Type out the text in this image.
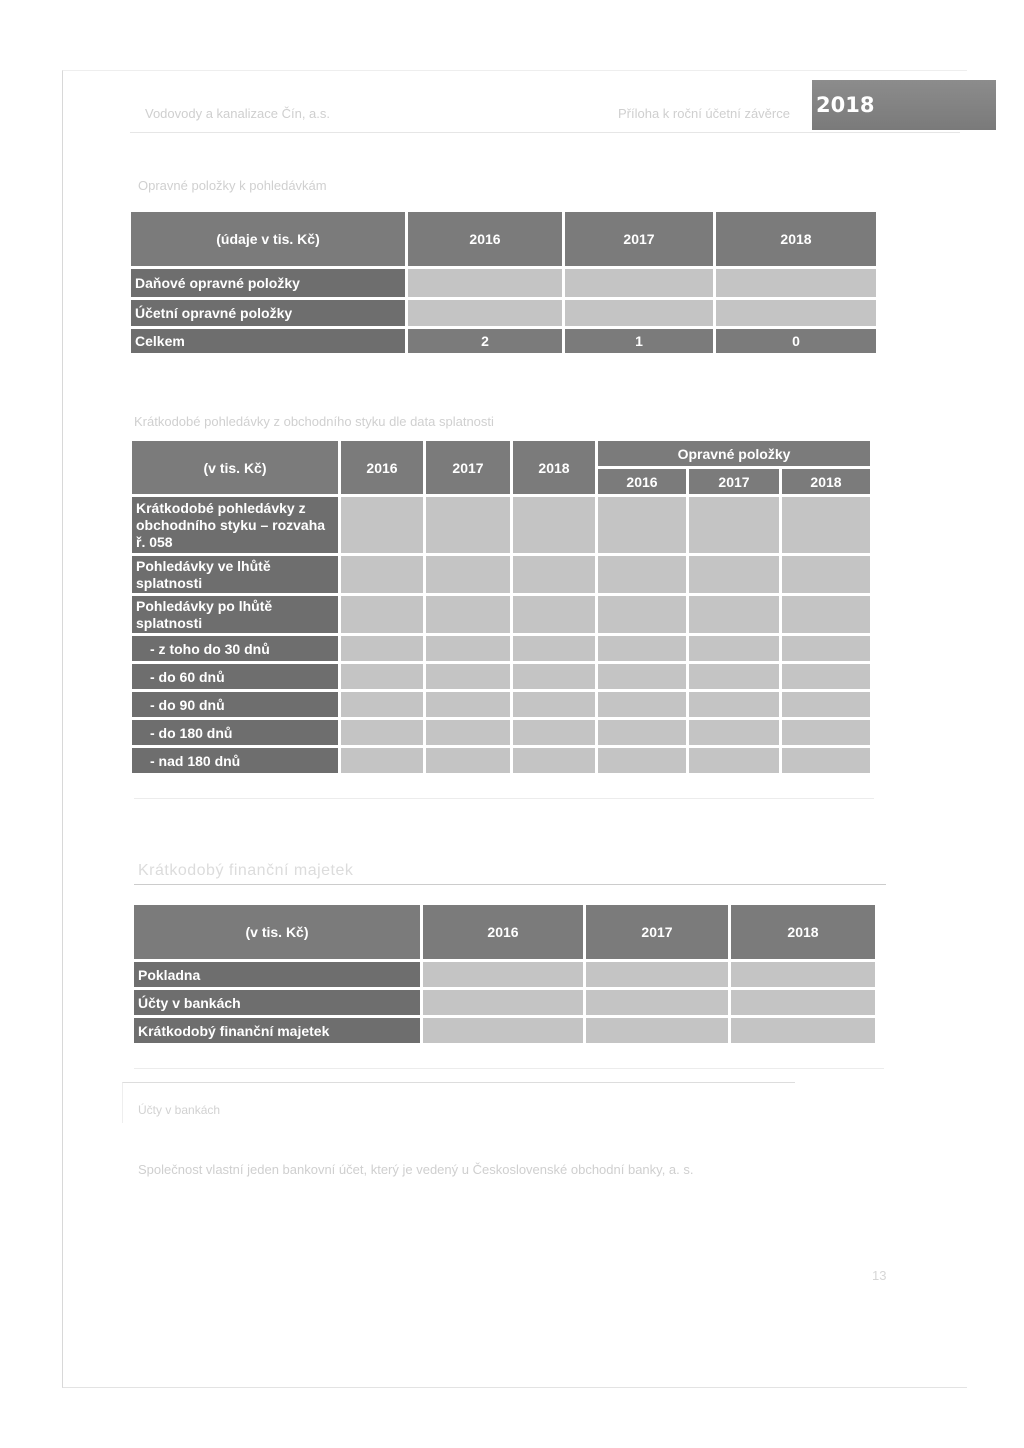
Vodovody a kanalizace Čín, a.s.	Příloha k roční účetní závěrce 2018
Opravné položky k pohledávkám
(údaje v tis. Kč)	2016	2017	2018
Daňové opravné položky			
Účetní opravné položky			
Celkem	2	1	0
Krátkodobé pohledávky z obchodního styku dle data splatnosti
(v tis. Kč)	2016	2017	2018	Opravné položky		
				2016	2017	2018
Krátkodobé pohledávky z obchodního styku – rozvaha ř. 058						
Pohledávky ve lhůtě splatnosti						
Pohledávky po lhůtě splatnosti						
- z toho do 30 dnů						
- do 60 dnů						
- do 90 dnů						
- do 180 dnů						
- nad 180 dnů						
Krátkodobý finanční majetek
(v tis. Kč)	2016	2017	2018
Pokladna			
Účty v bankách			
Krátkodobý finanční majetek			
Účty v bankách
Společnost vlastní jeden bankovní účet, který je vedený u Československé obchodní banky, a. s.
13
